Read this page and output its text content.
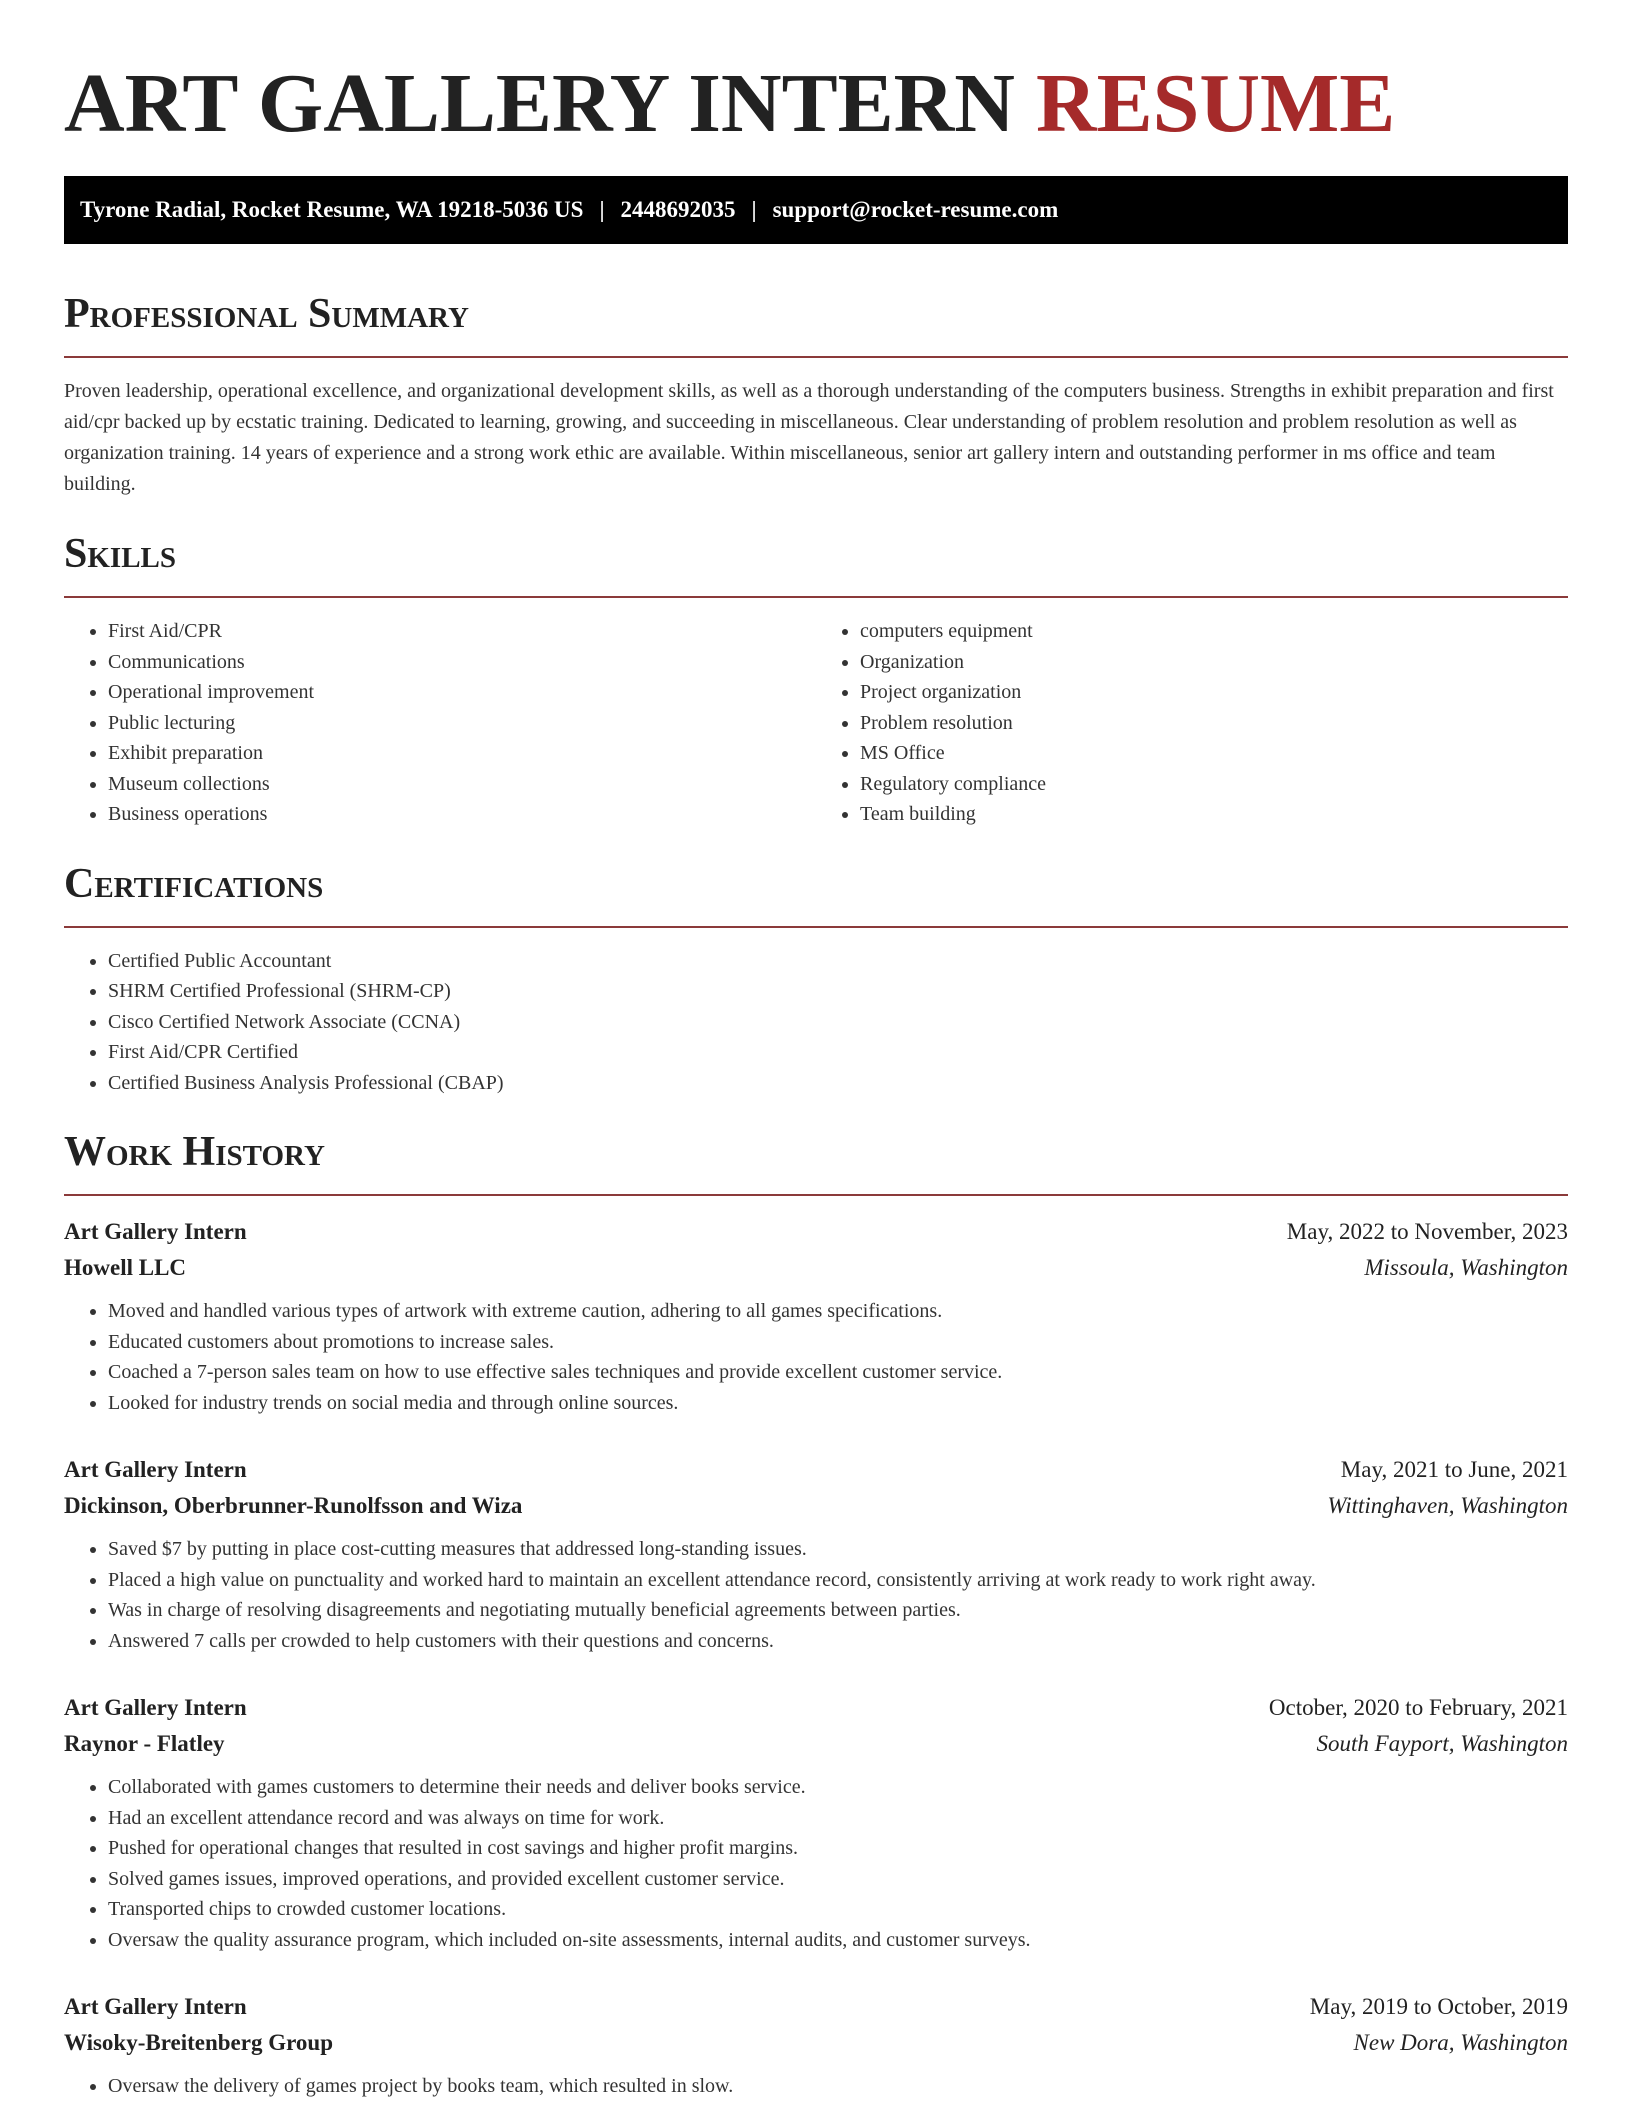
ART GALLERY INTERN RESUME
Tyrone Radial, Rocket Resume, WA 19218-5036 US | 2448692035 | support@rocket-resume.com
Professional Summary

Proven leadership, operational excellence, and organizational development skills, as well as a thorough understanding of the computers business. Strengths in exhibit preparation and first aid/cpr backed up by ecstatic training. Dedicated to learning, growing, and succeeding in miscellaneous. Clear understanding of problem resolution and problem resolution as well as organization training. 14 years of experience and a strong work ethic are available. Within miscellaneous, senior art gallery intern and outstanding performer in ms office and team building.

Skills
• First Aid/CPR
• Communications
• Operational improvement
• Public lecturing
• Exhibit preparation
• Museum collections
• Business operations
• computers equipment
• Organization
• Project organization
• Problem resolution
• MS Office
• Regulatory compliance
• Team building
Certifications
• Certified Public Accountant
• SHRM Certified Professional (SHRM-CP)
• Cisco Certified Network Associate (CCNA)
• First Aid/CPR Certified
• Certified Business Analysis Professional (CBAP)
Work History
Art Gallery Intern	May, 2022 to November, 2023
Howell LLC	Missoula, Washington
• Moved and handled various types of artwork with extreme caution, adhering to all games specifications.
• Educated customers about promotions to increase sales.
• Coached a 7-person sales team on how to use effective sales techniques and provide excellent customer service.
• Looked for industry trends on social media and through online sources.
Art Gallery Intern	May, 2021 to June, 2021
Dickinson, Oberbrunner-Runolfsson and Wiza	Wittinghaven, Washington
• Saved $7 by putting in place cost-cutting measures that addressed long-standing issues.
• Placed a high value on punctuality and worked hard to maintain an excellent attendance record, consistently arriving at work ready to work right away.
• Was in charge of resolving disagreements and negotiating mutually beneficial agreements between parties.
• Answered 7 calls per crowded to help customers with their questions and concerns.
Art Gallery Intern	October, 2020 to February, 2021
Raynor - Flatley	South Fayport, Washington
• Collaborated with games customers to determine their needs and deliver books service.
• Had an excellent attendance record and was always on time for work.
• Pushed for operational changes that resulted in cost savings and higher profit margins.
• Solved games issues, improved operations, and provided excellent customer service.
• Transported chips to crowded customer locations.
• Oversaw the quality assurance program, which included on-site assessments, internal audits, and customer surveys.
Art Gallery Intern	May, 2019 to October, 2019
Wisoky-Breitenberg Group	New Dora, Washington
• Oversaw the delivery of games project by books team, which resulted in slow.
